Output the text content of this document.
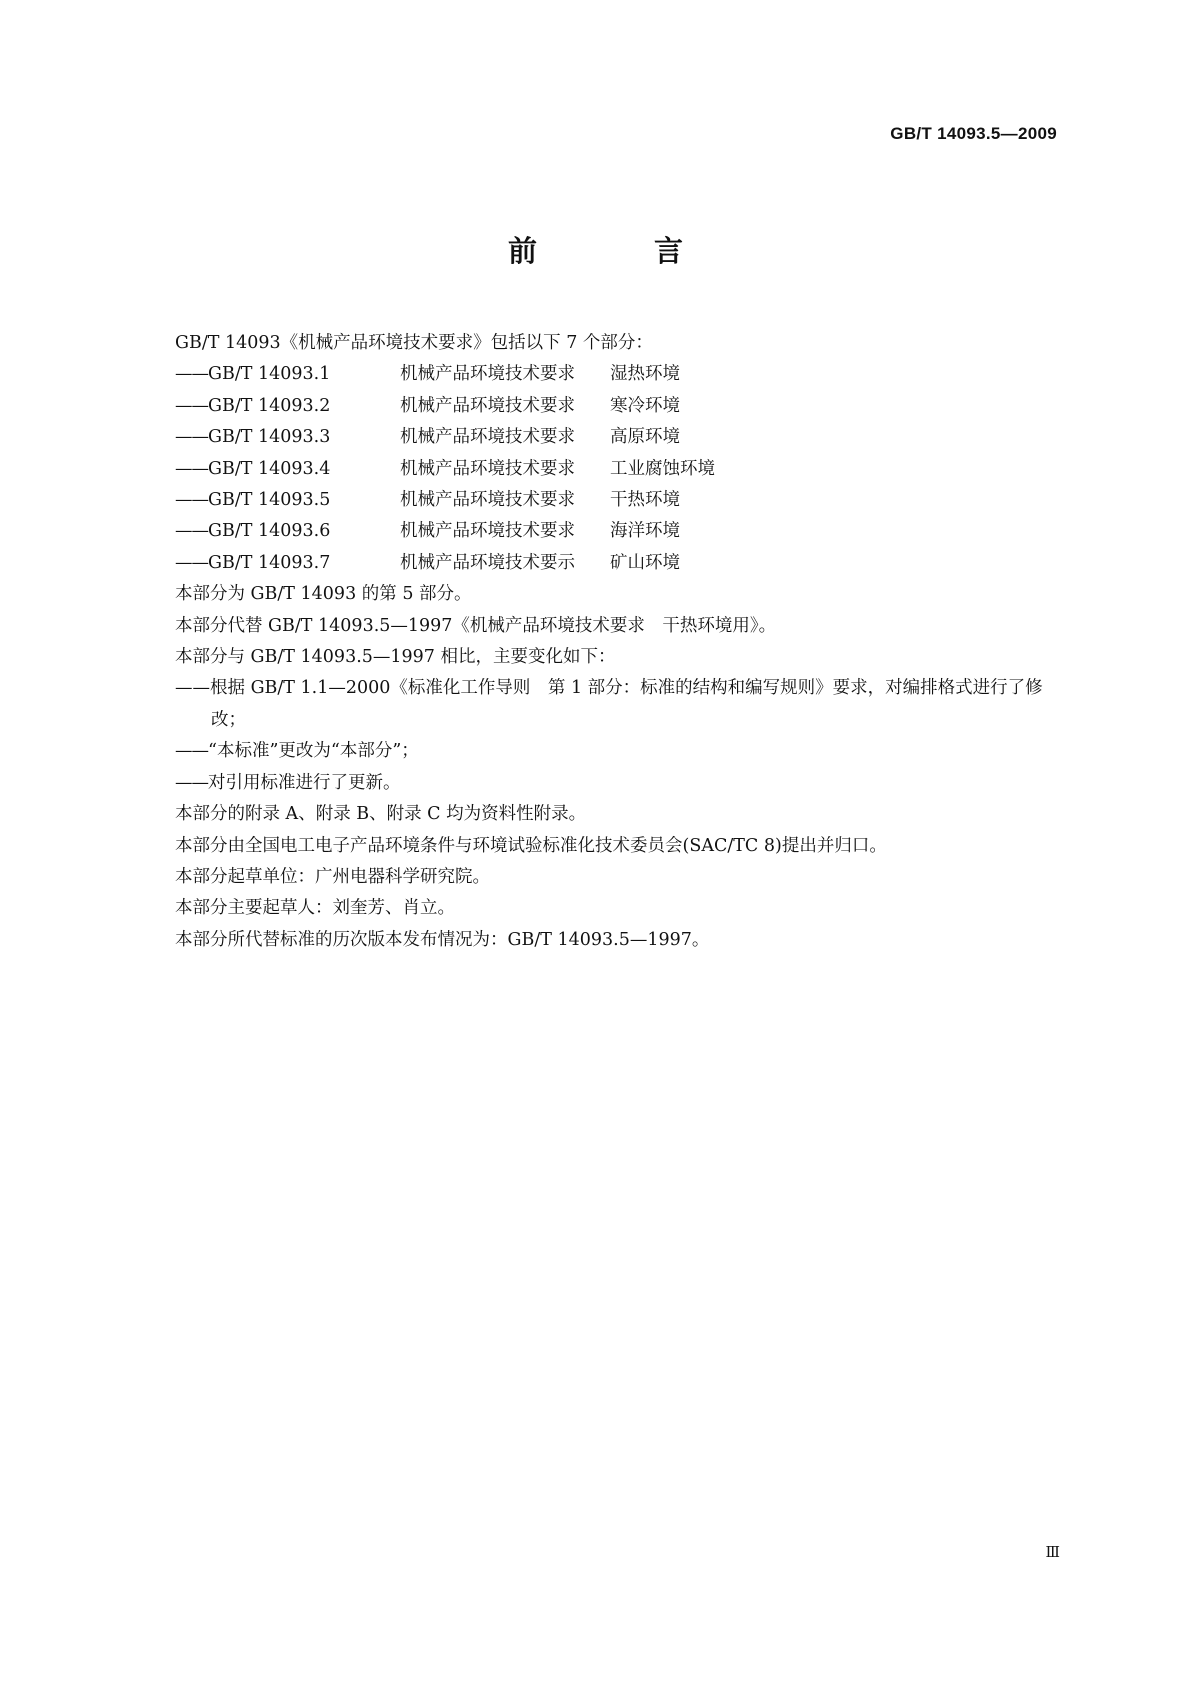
GB/T 14093.5—2009
前　言
GB/T 14093《机械产品环境技术要求》包括以下 7 个部分：
——GB/T 14093.1	机械产品环境技术要求 湿热环境
——GB/T 14093.2	机械产品环境技术要求 寒冷环境
——GB/T 14093.3	机械产品环境技术要求 高原环境
——GB/T 14093.4	机械产品环境技术要求 工业腐蚀环境
——GB/T 14093.5	机械产品环境技术要求 干热环境
——GB/T 14093.6	机械产品环境技术要求 海洋环境
——GB/T 14093.7	机械产品环境技术要示 矿山环境
本部分为 GB/T 14093 的第 5 部分。
本部分代替 GB/T 14093.5—1997《机械产品环境技术要求　干热环境用》。
本部分与 GB/T 14093.5—1997 相比，主要变化如下：
——根据 GB/T 1.1—2000《标准化工作导则　第 1 部分：标准的结构和编写规则》要求，对编排格式进行了修改；
——“本标准”更改为“本部分”；
——对引用标准进行了更新。
本部分的附录 A、附录 B、附录 C 均为资料性附录。
本部分由全国电工电子产品环境条件与环境试验标准化技术委员会(SAC/TC 8)提出并归口。
本部分起草单位：广州电器科学研究院。
本部分主要起草人：刘奎芳、肖立。
本部分所代替标准的历次版本发布情况为：GB/T 14093.5—1997。
Ⅲ
